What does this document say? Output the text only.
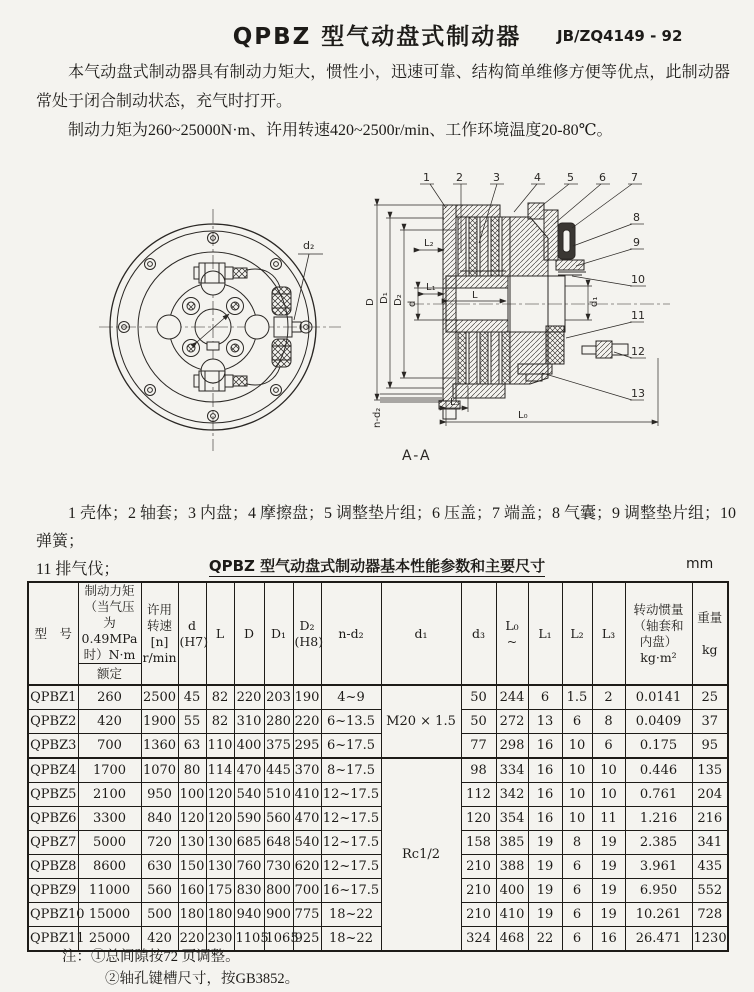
QPBZ 型气动盘式制动器	JB/ZQ4149 - 92

本气动盘式制动器具有制动力矩大，惯性小，迅速可靠、结构简单维修方便等优点，此制动器常处于闭合制动状态，充气时打开。

制动力矩为260~25000N·m、许用转速420~2500r/min、工作环境温度20-80℃。

d₂
1 2	3	4 5 6 7
8
9
10
11
12
13
D D₁ D₂ d
L₂
L₁
L
d₁
L₃
L₀
n-d₂
A-A

1 壳体；2 轴套；3 内盘；4 摩擦盘；5 调整垫片组；6 压盖；7 端盖；8 气囊；9 调整垫片组；10 弹簧；

11 排气伐；	QPBZ 型气动盘式制动器基本性能参数和主要尺寸	mm
型　号	制动力矩
（当气压为
0.49MPa
时）N·m	许用
转速
[n]
r/min	d
(H7)	L	D	D₁	D₂
(H8)	n-d₂	d₁	d₃	L₀
~	L₁	L₂	L₃	转动惯量
（轴套和
内盘）
kg·m²	重量

kg
	额定															
QPBZ1	260	2500	45	82	220	203	190	4~9	M20 × 1.5	50	244	6	1.5	2	0.0141	25
QPBZ2	420	1900	55	82	310	280	220	6~13.5		50	272	13	6	8	0.0409	37
QPBZ3	700	1360	63	110	400	375	295	6~17.5		77	298	16	10	6	0.175	95
QPBZ4	1700	1070	80	114	470	445	370	8~17.5	Rc1/2	98	334	16	10	10	0.446	135
QPBZ5	2100	950	100	120	540	510	410	12~17.5		112	342	16	10	10	0.761	204
QPBZ6	3300	840	120	120	590	560	470	12~17.5		120	354	16	10	11	1.216	216
QPBZ7	5000	720	130	130	685	648	540	12~17.5		158	385	19	8	19	2.385	341
QPBZ8	8600	630	150	130	760	730	620	12~17.5		210	388	19	6	19	3.961	435
QPBZ9	11000	560	160	175	830	800	700	16~17.5		210	400	19	6	19	6.950	552
QPBZ10	15000	500	180	180	940	900	775	18~22		210	410	19	6	19	10.261	728
QPBZ11	25000	420	220	230	1105	1065	925	18~22		324	468	22	6	16	26.471	1230
注：①总间隙按72 页调整。
②轴孔键槽尺寸，按GB3852。
